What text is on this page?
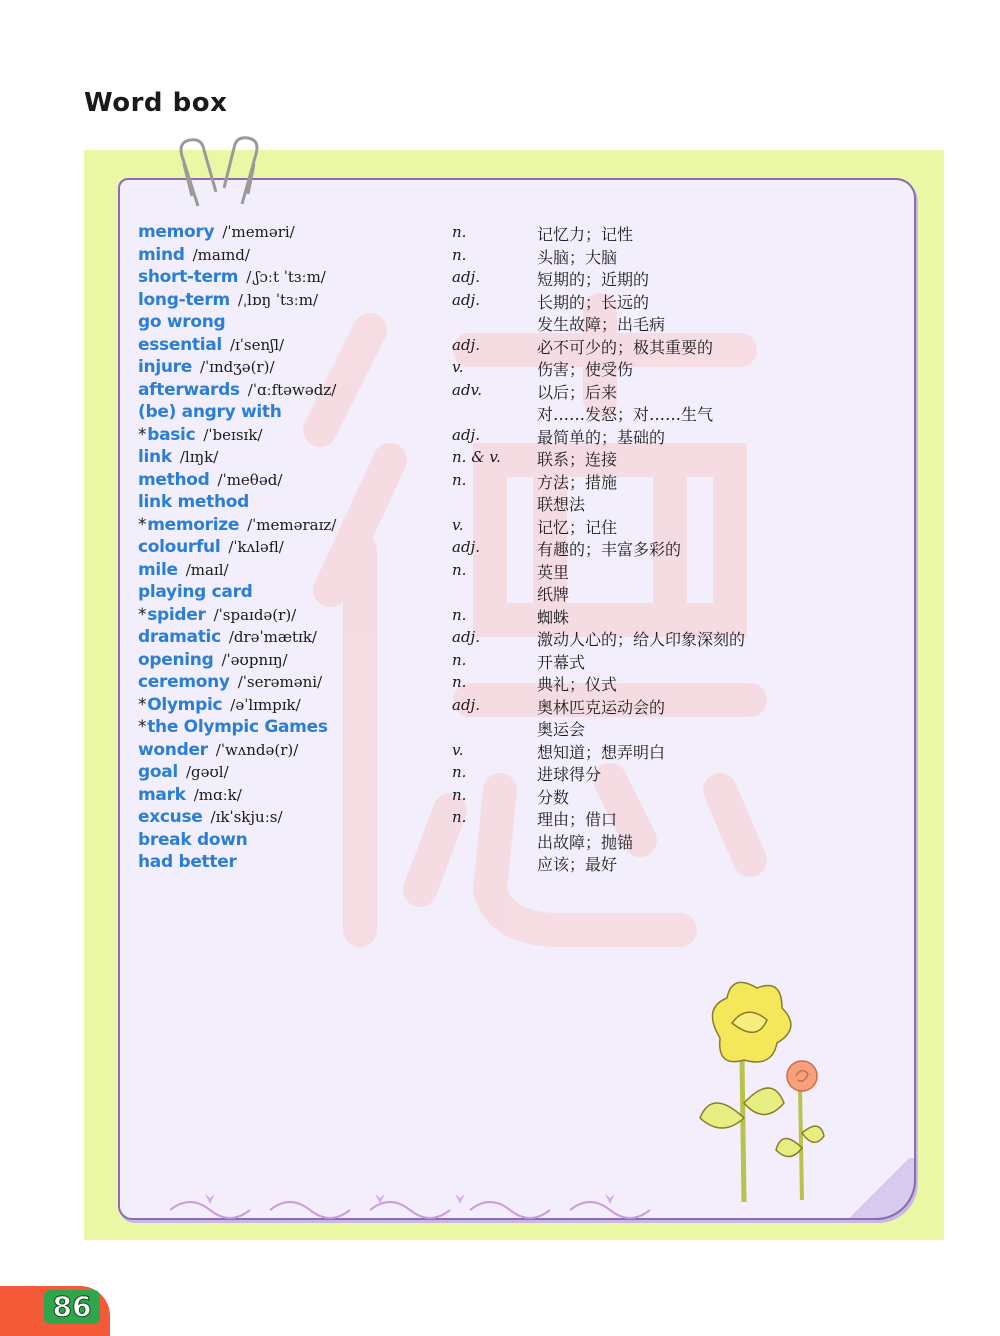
Word box
memory /ˈmeməri/	n.	记忆力；记性
mind /maɪnd/	n.	头脑；大脑
short-term /ˌʃɔːt ˈtɜːm/	adj.	短期的；近期的
long-term /ˌlɒŋ ˈtɜːm/	adj.	长期的；长远的
go wrong	发生故障；出毛病
essential /ɪˈsenʃl/	adj.	必不可少的；极其重要的
injure /ˈɪndʒə(r)/	v.	伤害；使受伤
afterwards /ˈɑːftəwədz/	adv.	以后；后来
(be) angry with	对……发怒；对……生气
*basic /ˈbeɪsɪk/	adj.	最简单的；基础的
link /lɪŋk/	n. & v. 联系；连接
method /ˈmeθəd/	n.	方法；措施
link method	联想法
*memorize /ˈmeməraɪz/	v.	记忆；记住
colourful /ˈkʌləfl/	adj.	有趣的；丰富多彩的
mile /maɪl/	n.	英里
playing card	纸牌
*spider /ˈspaɪdə(r)/	n.	蜘蛛
dramatic /drəˈmætɪk/	adj.	激动人心的；给人印象深刻的
opening /ˈəʊpnɪŋ/	n.	开幕式
ceremony /ˈserəməni/	n.	典礼；仪式
*Olympic /əˈlɪmpɪk/	adj.	奥林匹克运动会的
*the Olympic Games	奥运会
wonder /ˈwʌndə(r)/	v.	想知道；想弄明白
goal /gəʊl/	n.	进球得分
mark /mɑːk/	n.	分数
excuse /ɪkˈskjuːs/	n.	理由；借口
break down	出故障；抛锚
had better	应该；最好
86
